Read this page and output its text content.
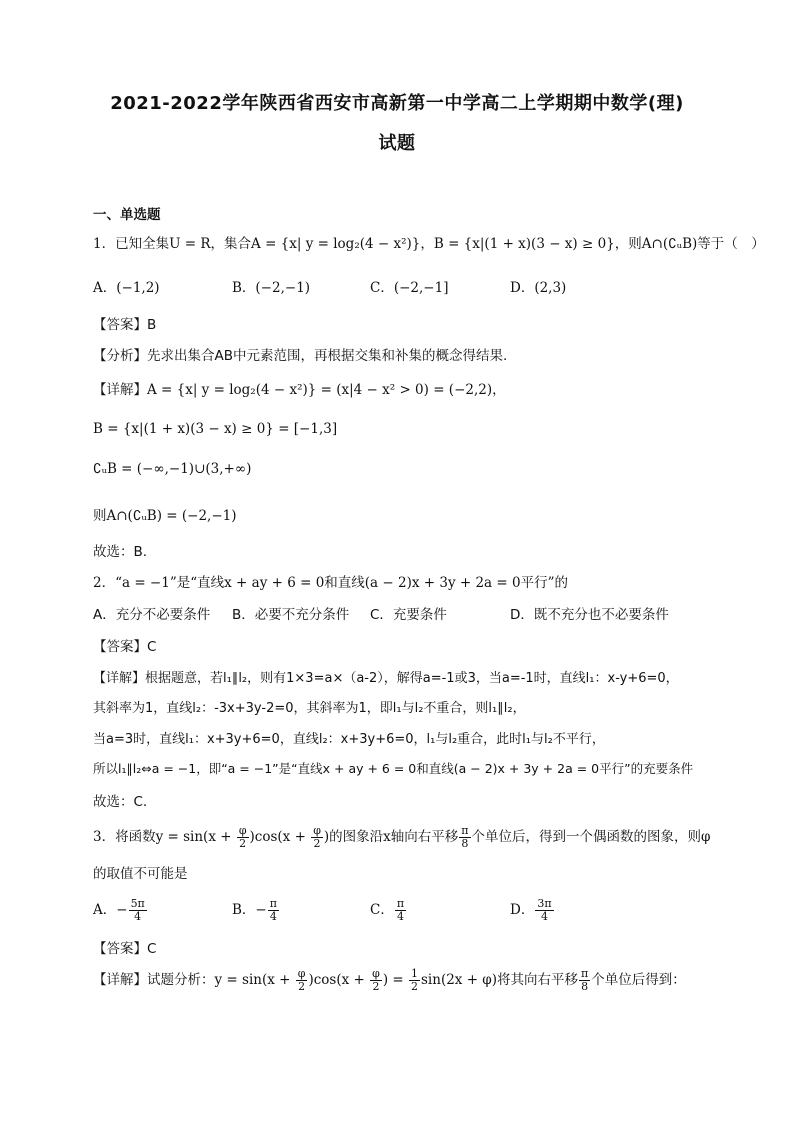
2021-2022学年陕西省西安市高新第一中学高二上学期期中数学(理)
试题
一、单选题
1．已知全集U = R，集合A = {x| y = log₂(4 − x²)}，B = {x|(1 + x)(3 − x) ≥ 0}，则A∩(∁ᵤB)等于（　）
A．(−1,2)	B．(−2,−1)	C．(−2,−1]	D．(2,3)
【答案】B
【分析】先求出集合AB中元素范围，再根据交集和补集的概念得结果.
【详解】A = {x| y = log₂(4 − x²)} = (x|4 − x² > 0) = (−2,2)，
B = {x|(1 + x)(3 − x) ≥ 0} = [−1,3]
∁ᵤB = (−∞,−1)∪(3,+∞)
则A∩(∁ᵤB) = (−2,−1)
故选：B.
2．“a = −1”是“直线x + ay + 6 = 0和直线(a − 2)x + 3y + 2a = 0平行”的
A．充分不必要条件 B．必要不充分条件 C．充要条件	D．既不充分也不必要条件
【答案】C
【详解】根据题意，若l₁∥l₂，则有1×3=a×（a-2），解得a=-1或3，当a=-1时，直线l₁：x-y+6=0，
其斜率为1，直线l₂：-3x+3y-2=0，其斜率为1，即l₁与l₂不重合，则l₁∥l₂，
当a=3时，直线l₁：x+3y+6=0，直线l₂：x+3y+6=0，l₁与l₂重合，此时l₁与l₂不平行，
所以l₁∥l₂⇔a = −1，即“a = −1”是“直线x + ay + 6 = 0和直线(a − 2)x + 3y + 2a = 0平行”的充要条件
故选：C.
3．将函数$y = \sin(x + \frac{\varphi}{2} )\cos(x + \frac{\varphi}{2}$ )的图象沿x轴向右平移 $\frac{\pi}{8}$ 个单位后，得到一个偶函数的图象，则φ
的取值不可能是
A．− $\frac{5\pi}{4}$	B．− $\frac{\pi}{4}$	C． $\frac{\pi}{4}$	D． $\frac{3\pi}{4}$
【答案】C
【详解】试题分析：$y = \sin(x + \frac{\varphi}{2} )\cos(x + \frac{\varphi}{2}$ ) = $\frac{1}{2} \sin(2x + \varphi)$将其向右平移 $\frac{\pi}{8}$ 个单位后得到：
